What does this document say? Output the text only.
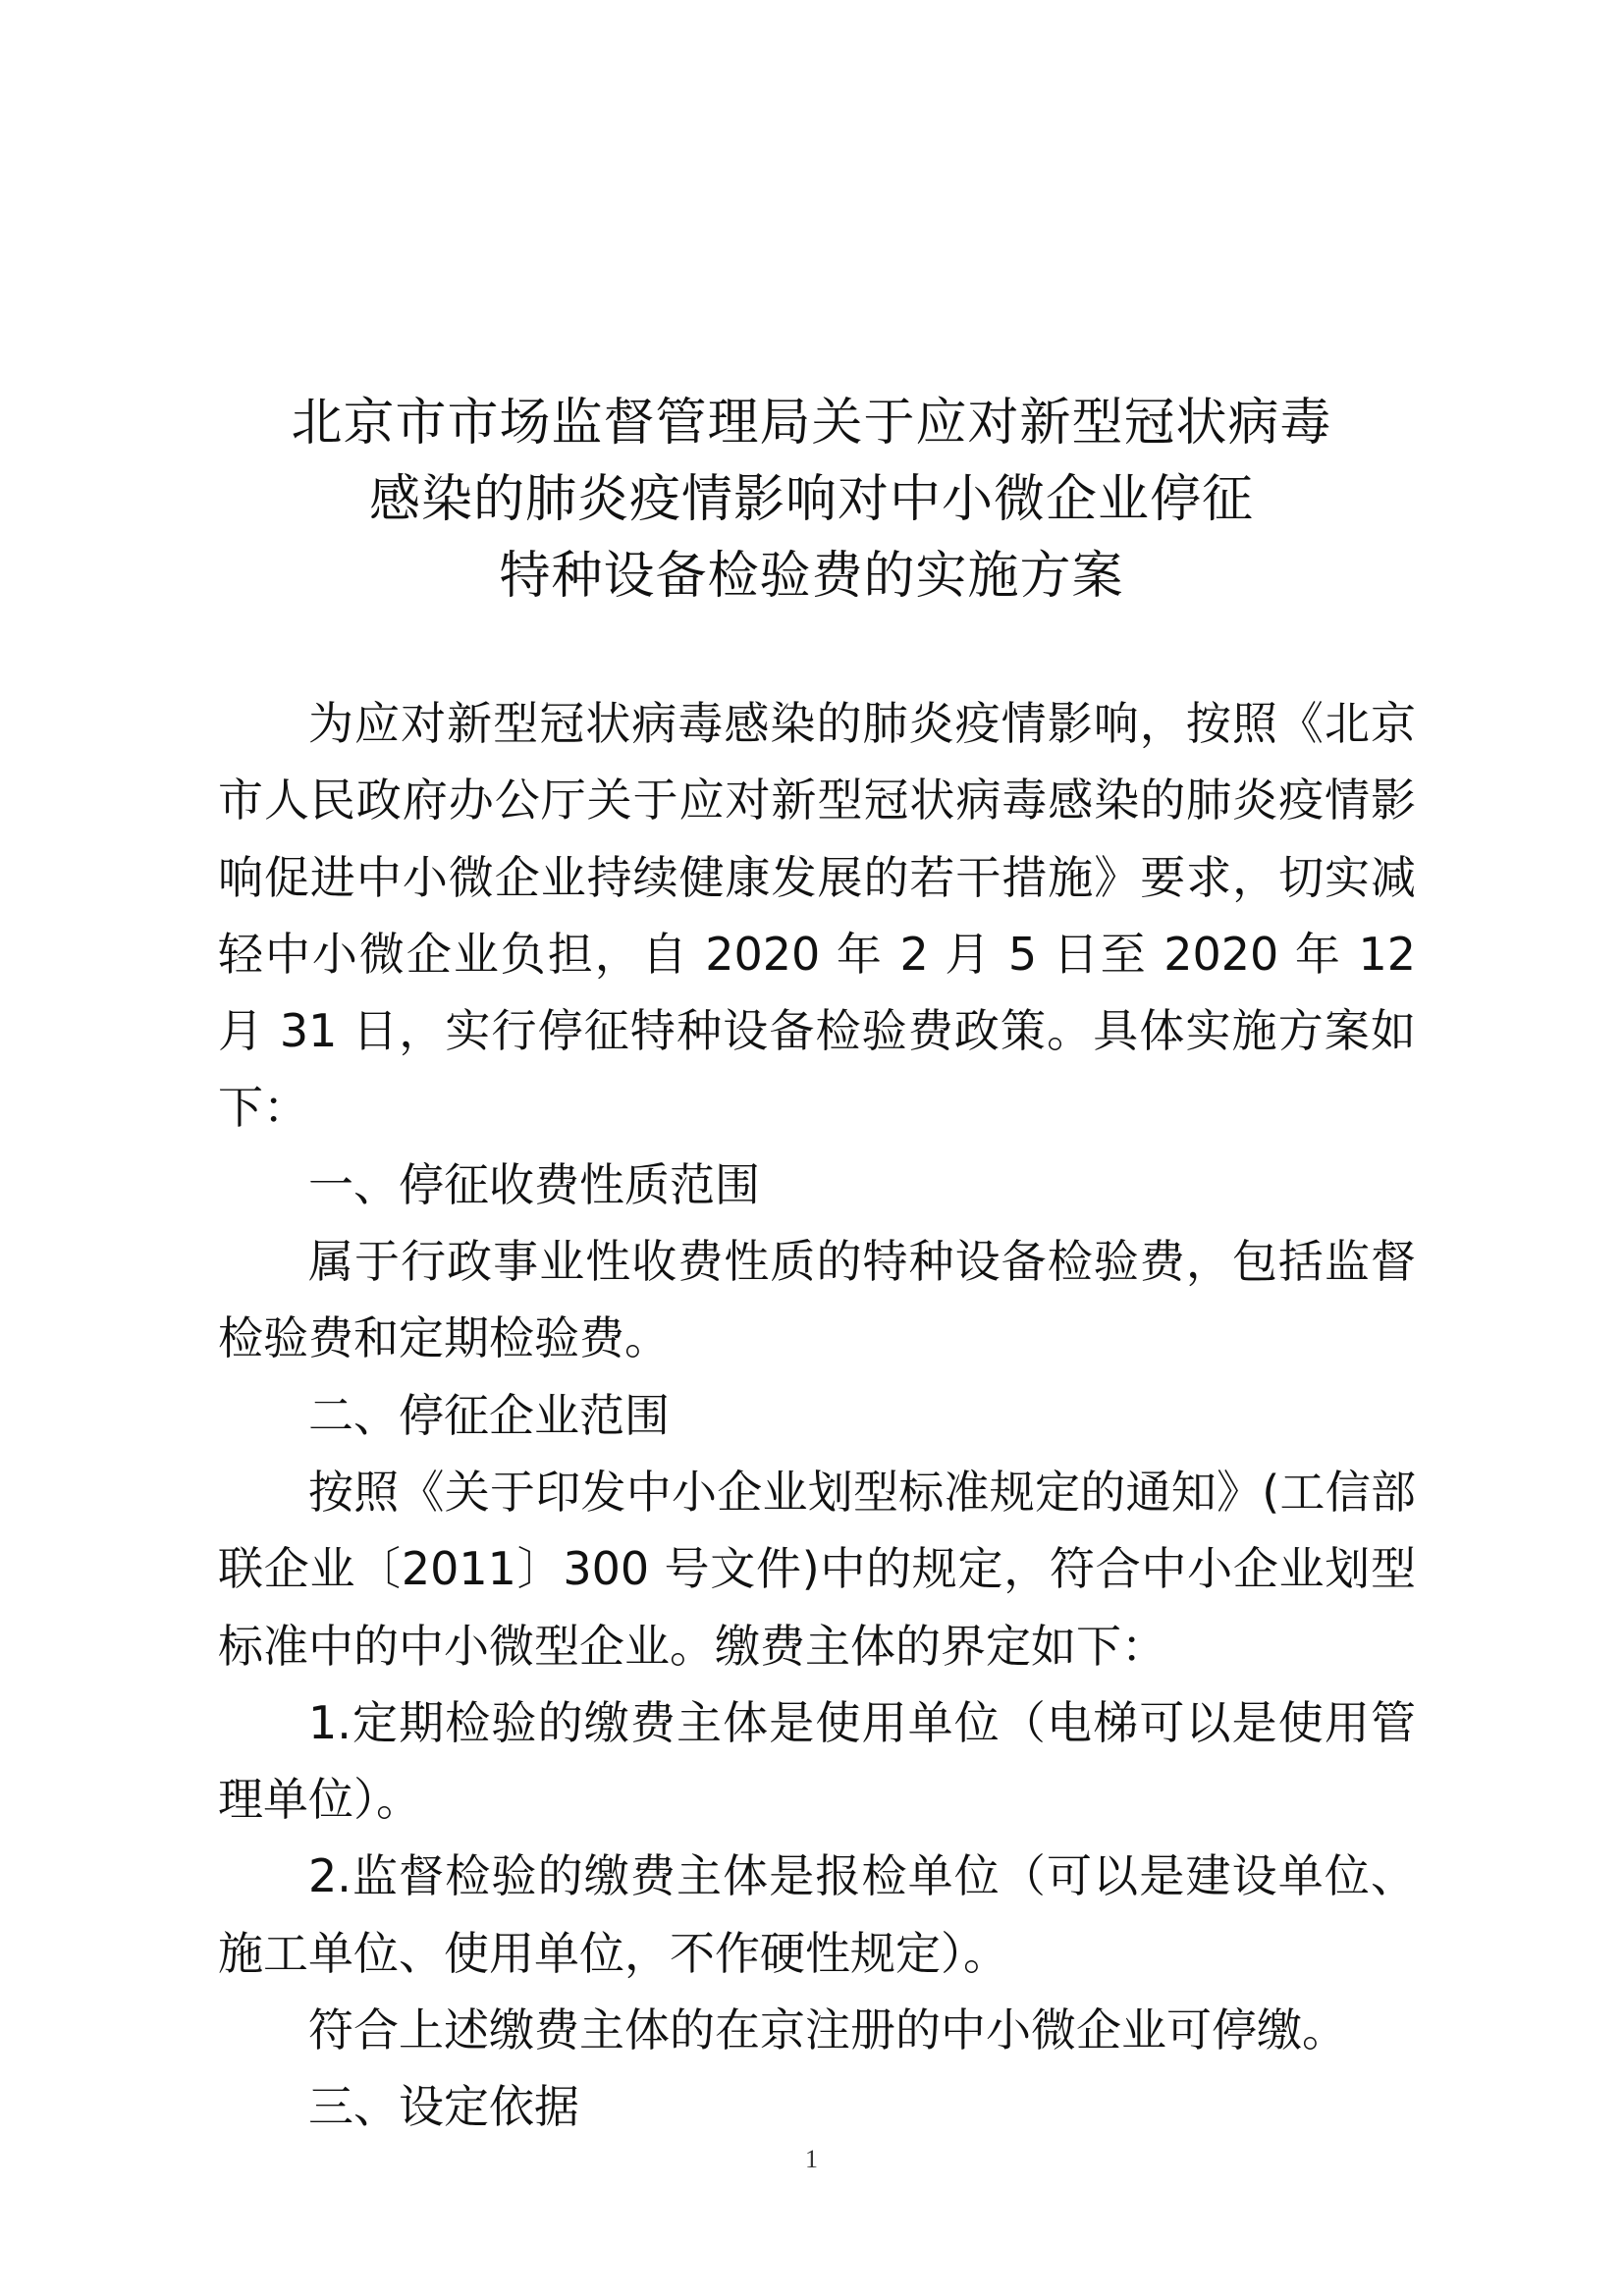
北京市市场监督管理局关于应对新型冠状病毒
感染的肺炎疫情影响对中小微企业停征
特种设备检验费的实施方案

为应对新型冠状病毒感染的肺炎疫情影响，按照《北京市人民政府办公厅关于应对新型冠状病毒感染的肺炎疫情影响促进中小微企业持续健康发展的若干措施》要求，切实减轻中小微企业负担，自 2020 年 2 月 5 日至 2020 年 12 月 31 日，实行停征特种设备检验费政策。具体实施方案如下：

一、停征收费性质范围

属于行政事业性收费性质的特种设备检验费，包括监督检验费和定期检验费。

二、停征企业范围

按照《关于印发中小企业划型标准规定的通知》(工信部联企业〔2011〕300 号文件)中的规定，符合中小企业划型标准中的中小微型企业。缴费主体的界定如下：

1.定期检验的缴费主体是使用单位（电梯可以是使用管理单位）。

2.监督检验的缴费主体是报检单位（可以是建设单位、施工单位、使用单位，不作硬性规定）。

符合上述缴费主体的在京注册的中小微企业可停缴。

三、设定依据

1
